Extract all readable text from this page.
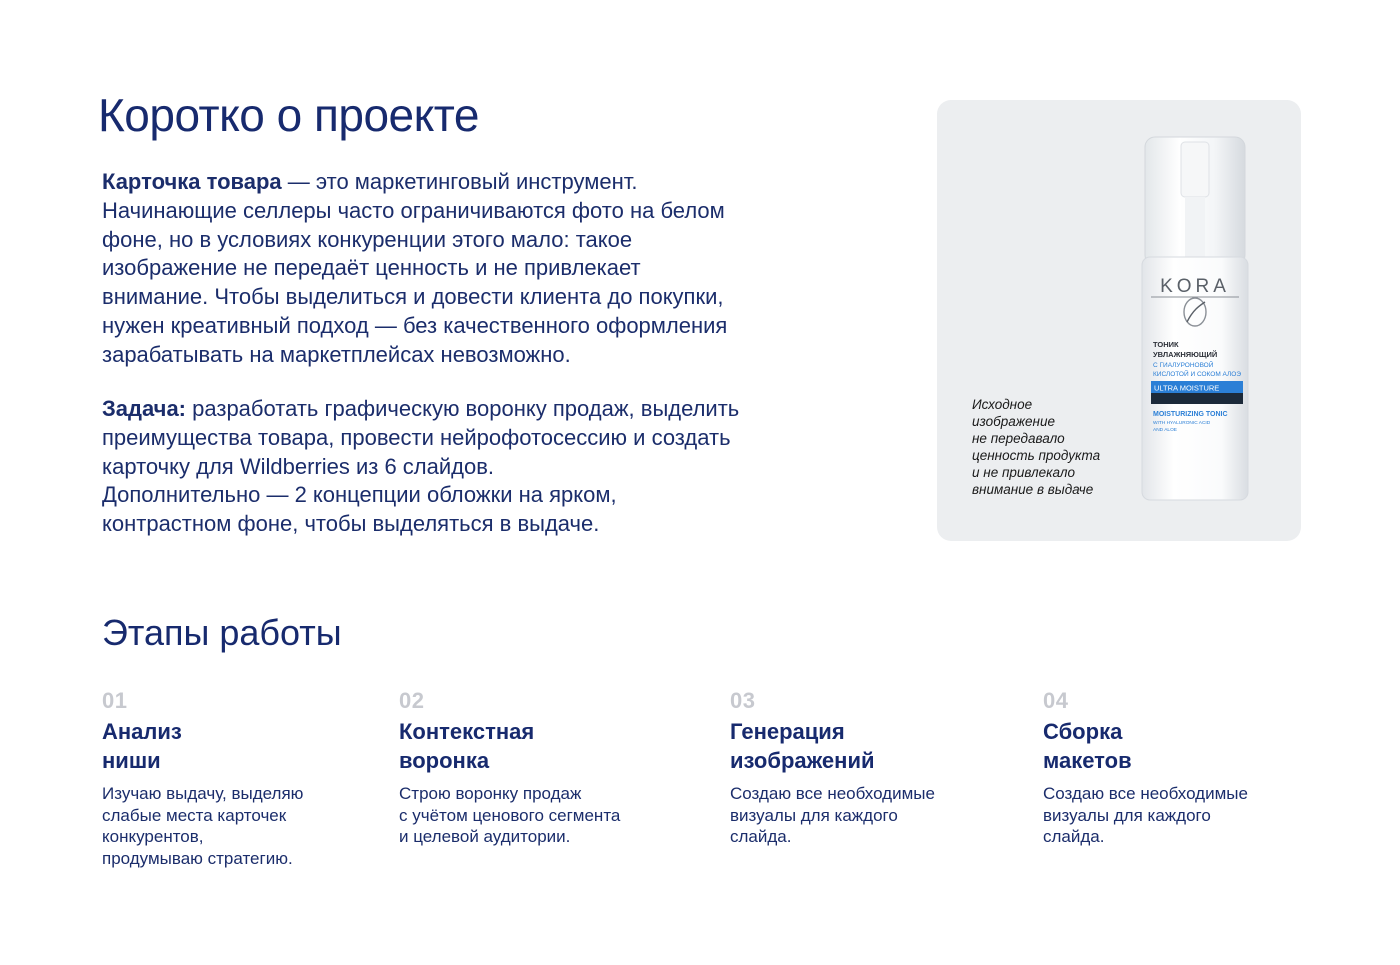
Коротко о проекте

Карточка товара — это маркетинговый инструмент.
Начинающие селлеры часто ограничиваются фото на белом
фоне, но в условиях конкуренции этого мало: такое
изображение не передаёт ценность и не привлекает
внимание. Чтобы выделиться и довести клиента до покупки,
нужен креативный подход — без качественного оформления
зарабатывать на маркетплейсах невозможно.

Задача: разработать графическую воронку продаж, выделить
преимущества товара, провести нейрофотосессию и создать
карточку для Wildberries из 6 слайдов.
Дополнительно — 2 концепции обложки на ярком,
контрастном фоне, чтобы выделяться в выдаче.

Исходное
изображение
не передавало
ценность продукта
и не привлекало
внимание в выдаче
KORA
ТОНИК
УВЛАЖНЯЮЩИЙ
С ГИАЛУРОНОВОЙ
КИСЛОТОЙ И СОКОМ АЛОЭ
ULTRA MOISTURE
MOISTURIZING TONIC
WITH HYALURONIC ACID
AND ALOE
Этапы работы
01
Анализ
ниши
Изучаю выдачу, выделяю
слабые места карточек
конкурентов,
продумываю стратегию.
02
Контекстная
воронка
Строю воронку продаж
с учётом ценового сегмента
и целевой аудитории.
03
Генерация
изображений
Создаю все необходимые
визуалы для каждого
слайда.
04
Сборка
макетов
Создаю все необходимые
визуалы для каждого
слайда.
